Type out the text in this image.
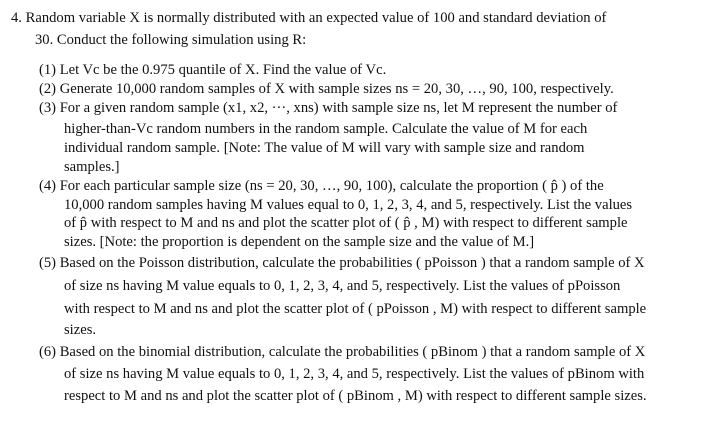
4. Random variable X is normally distributed with an expected value of 100 and standard deviation of
30. Conduct the following simulation using R:
(1) Let Vc be the 0.975 quantile of X. Find the value of Vc.
(2) Generate 10,000 random samples of X with sample sizes ns = 20, 30, …, 90, 100, respectively.
(3) For a given random sample (x1, x2, ···, xns) with sample size ns, let M represent the number of
higher-than-Vc random numbers in the random sample. Calculate the value of M for each
individual random sample. [Note: The value of M will vary with sample size and random
samples.]
(4) For each particular sample size (ns = 20, 30, …, 90, 100), calculate the proportion ( p̂ ) of the
10,000 random samples having M values equal to 0, 1, 2, 3, 4, and 5, respectively. List the values
of p̂ with respect to M and ns and plot the scatter plot of ( p̂ , M) with respect to different sample
sizes. [Note: the proportion is dependent on the sample size and the value of M.]
(5) Based on the Poisson distribution, calculate the probabilities ( pPoisson ) that a random sample of X
of size ns having M value equals to 0, 1, 2, 3, 4, and 5, respectively. List the values of pPoisson
with respect to M and ns and plot the scatter plot of ( pPoisson , M) with respect to different sample
sizes.
(6) Based on the binomial distribution, calculate the probabilities ( pBinom ) that a random sample of X
of size ns having M value equals to 0, 1, 2, 3, 4, and 5, respectively. List the values of pBinom with
respect to M and ns and plot the scatter plot of ( pBinom , M) with respect to different sample sizes.
